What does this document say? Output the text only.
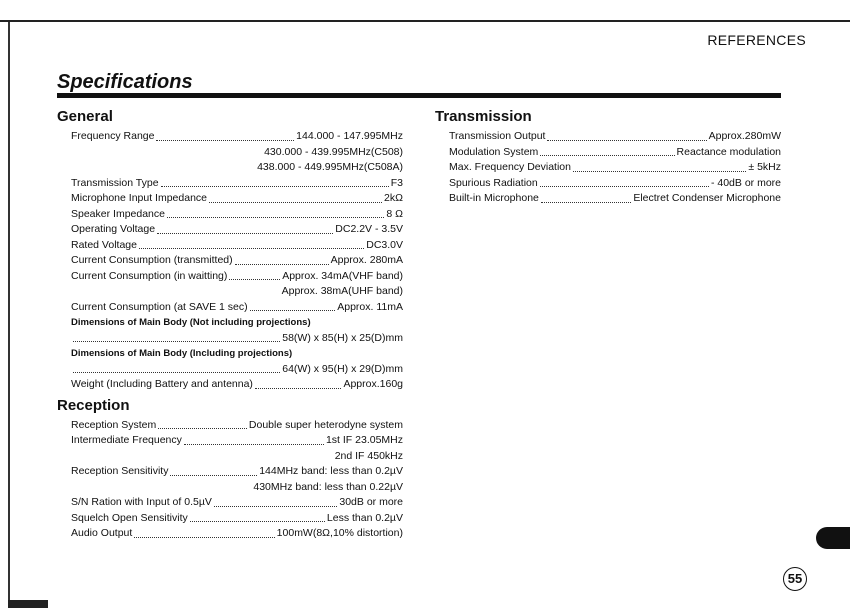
REFERENCES
Specifications
General
Frequency Range	144.000 - 147.995MHz
430.000 - 439.995MHz(C508)
438.000 - 449.995MHz(C508A)
Transmission Type	F3
Microphone Input Impedance	2kΩ
Speaker Impedance	8 Ω
Operating Voltage	DC2.2V - 3.5V
Rated Voltage	DC3.0V
Current Consumption (transmitted)	Approx. 280mA
Current Consumption (in waitting)	Approx. 34mA(VHF band)
Approx. 38mA(UHF band)
Current Consumption (at SAVE 1 sec)	Approx. 11mA
Dimensions of Main Body (Not including projections)
58(W) x 85(H) x 25(D)mm
Dimensions of Main Body (Including projections)
64(W) x 95(H) x 29(D)mm
Weight (Including Battery and antenna)	Approx.160g
Reception
Reception System	Double super heterodyne system
Intermediate Frequency	1st IF 23.05MHz
2nd IF 450kHz
Reception Sensitivity	144MHz band: less than 0.2µV
430MHz band: less than 0.22µV
S/N Ration with Input of 0.5µV	30dB or more
Squelch Open Sensitivity	Less than 0.2µV
Audio Output	100mW(8Ω,10% distortion)
Transmission
Transmission Output	Approx.280mW
Modulation System	Reactance modulation
Max. Frequency Deviation	± 5kHz
Spurious Radiation	- 40dB or more
Built-in Microphone	Electret Condenser Microphone
55
